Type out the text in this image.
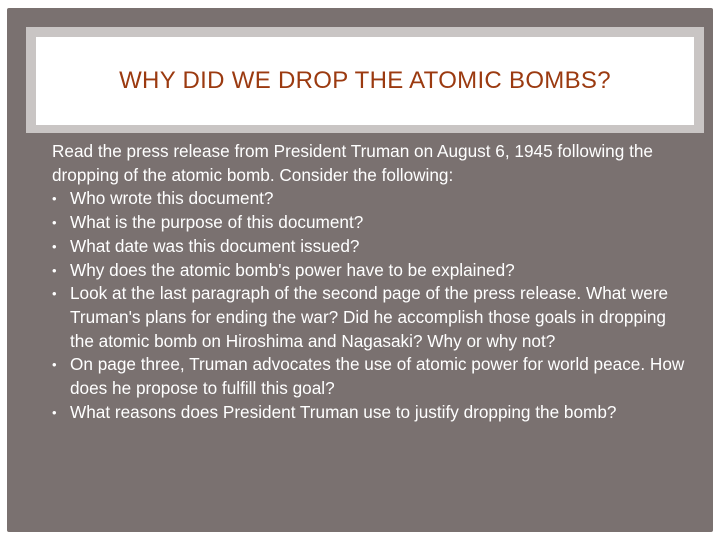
WHY DID WE DROP THE ATOMIC BOMBS?

Read the press release from President Truman on August 6, 1945 following the dropping of the atomic bomb. Consider the following:

• Who wrote this document?
• What is the purpose of this document?
• What date was this document issued?
• Why does the atomic bomb's power have to be explained?
• Look at the last paragraph of the second page of the press release. What were Truman's plans for ending the war? Did he accomplish those goals in dropping the atomic bomb on Hiroshima and Nagasaki? Why or why not?
• On page three, Truman advocates the use of atomic power for world peace. How does he propose to fulfill this goal?
• What reasons does President Truman use to justify dropping the bomb?
